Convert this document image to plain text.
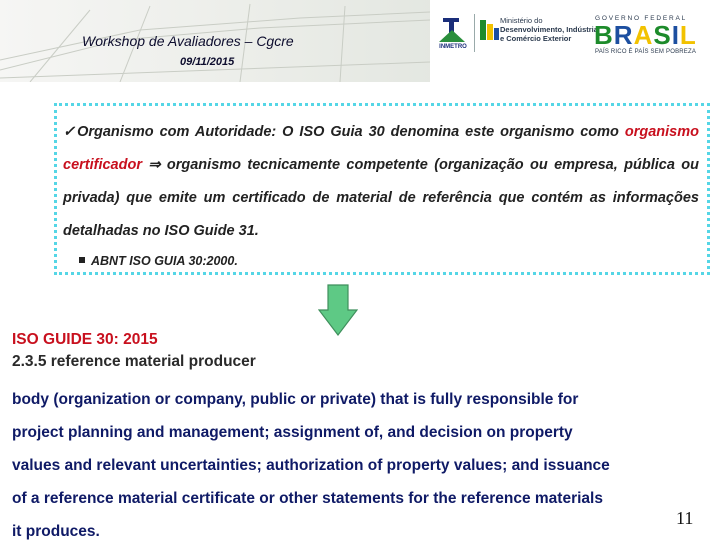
Workshop de Avaliadores – Cgcre
09/11/2015
INMETRO
Ministério do
Desenvolvimento, Indústria
e Comércio Exterior
GOVERNO FEDERAL
BRASIL
PAÍS RICO É PAÍS SEM POBREZA
✓Organismo com Autoridade: O ISO Guia 30 denomina este organismo como organismo certificador ⇒ organismo tecnicamente competente (organização ou empresa, pública ou privada) que emite um certificado de material de referência que contém as informações detalhadas no ISO Guide 31.
ABNT ISO GUIA 30:2000.
ISO GUIDE 30: 2015
2.3.5 reference material producer
body (organization or company, public or private) that is fully responsible for
project planning and management; assignment of, and decision on property
values and relevant uncertainties; authorization of property values; and issuance
of a reference material certificate or other statements for the reference materials
it produces.
11
